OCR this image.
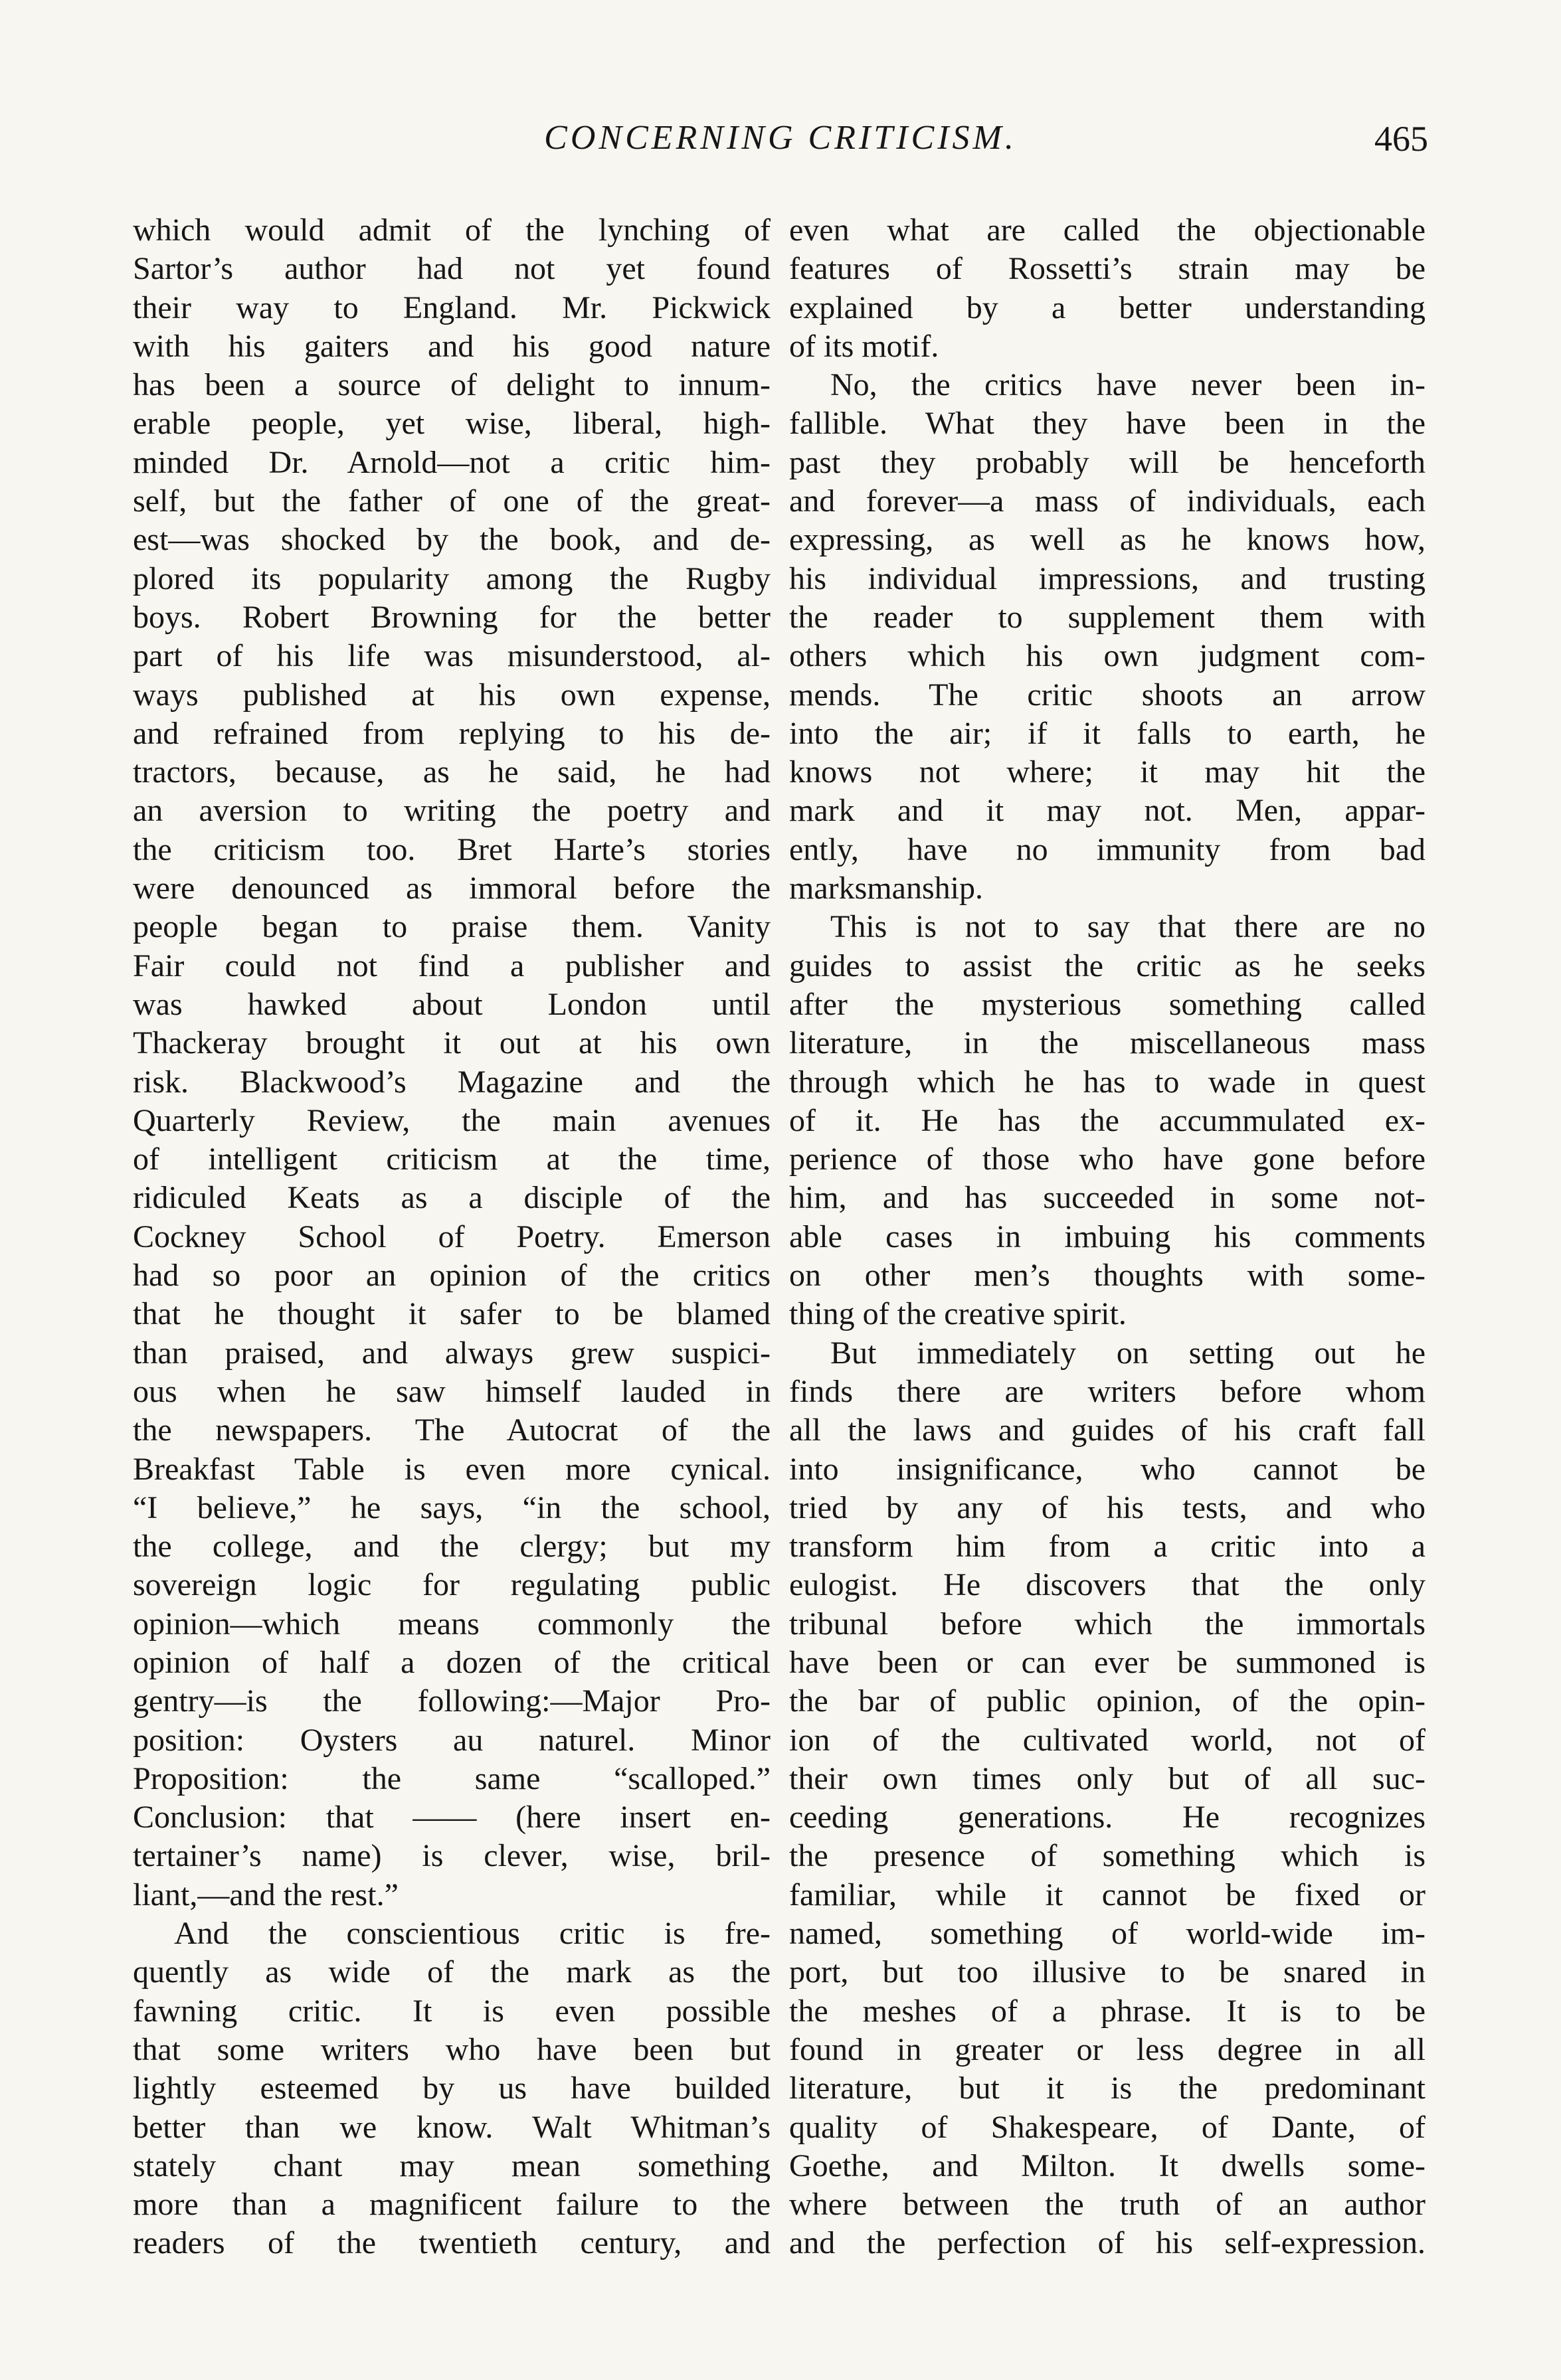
CONCERNING CRITICISM.	465
which would admit of the lynching of
Sartor’s author had not yet found
their way to England. Mr. Pickwick
with his gaiters and his good nature
has been a source of delight to innum-
erable people, yet wise, liberal, high-
minded Dr. Arnold—not a critic him-
self, but the father of one of the great-
est—was shocked by the book, and de-
plored its popularity among the Rugby
boys. Robert Browning for the better
part of his life was misunderstood, al-
ways published at his own expense,
and refrained from replying to his de-
tractors, because, as he said, he had
an aversion to writing the poetry and
the criticism too. Bret Harte’s stories
were denounced as immoral before the
people began to praise them. Vanity
Fair could not find a publisher and
was hawked about London until
Thackeray brought it out at his own
risk. Blackwood’s Magazine and the
Quarterly Review, the main avenues
of intelligent criticism at the time,
ridiculed Keats as a disciple of the
Cockney School of Poetry. Emerson
had so poor an opinion of the critics
that he thought it safer to be blamed
than praised, and always grew suspici-
ous when he saw himself lauded in
the newspapers. The Autocrat of the
Breakfast Table is even more cynical.
“I believe,” he says, “in the school,
the college, and the clergy; but my
sovereign logic for regulating public
opinion—which means commonly the
opinion of half a dozen of the critical
gentry—is the following:—Major Pro-
position: Oysters au naturel. Minor
Proposition: the same “scalloped.”
Conclusion: that —— (here insert en-
tertainer’s name) is clever, wise, bril-
liant,—and the rest.”
And the conscientious critic is fre-
quently as wide of the mark as the
fawning critic. It is even possible
that some writers who have been but
lightly esteemed by us have builded
better than we know. Walt Whitman’s
stately chant may mean something
more than a magnificent failure to the
readers of the twentieth century, and
even what are called the objectionable
features of Rossetti’s strain may be
explained by a better understanding
of its motif.
No, the critics have never been in-
fallible. What they have been in the
past they probably will be henceforth
and forever—a mass of individuals, each
expressing, as well as he knows how,
his individual impressions, and trusting
the reader to supplement them with
others which his own judgment com-
mends. The critic shoots an arrow
into the air; if it falls to earth, he
knows not where; it may hit the
mark and it may not. Men, appar-
ently, have no immunity from bad
marksmanship.
This is not to say that there are no
guides to assist the critic as he seeks
after the mysterious something called
literature, in the miscellaneous mass
through which he has to wade in quest
of it. He has the accummulated ex-
perience of those who have gone before
him, and has succeeded in some not-
able cases in imbuing his comments
on other men’s thoughts with some-
thing of the creative spirit.
But immediately on setting out he
finds there are writers before whom
all the laws and guides of his craft fall
into insignificance, who cannot be
tried by any of his tests, and who
transform him from a critic into a
eulogist. He discovers that the only
tribunal before which the immortals
have been or can ever be summoned is
the bar of public opinion, of the opin-
ion of the cultivated world, not of
their own times only but of all suc-
ceeding generations. He recognizes
the presence of something which is
familiar, while it cannot be fixed or
named, something of world-wide im-
port, but too illusive to be snared in
the meshes of a phrase. It is to be
found in greater or less degree in all
literature, but it is the predominant
quality of Shakespeare, of Dante, of
Goethe, and Milton. It dwells some-
where between the truth of an author
and the perfection of his self-expression.
